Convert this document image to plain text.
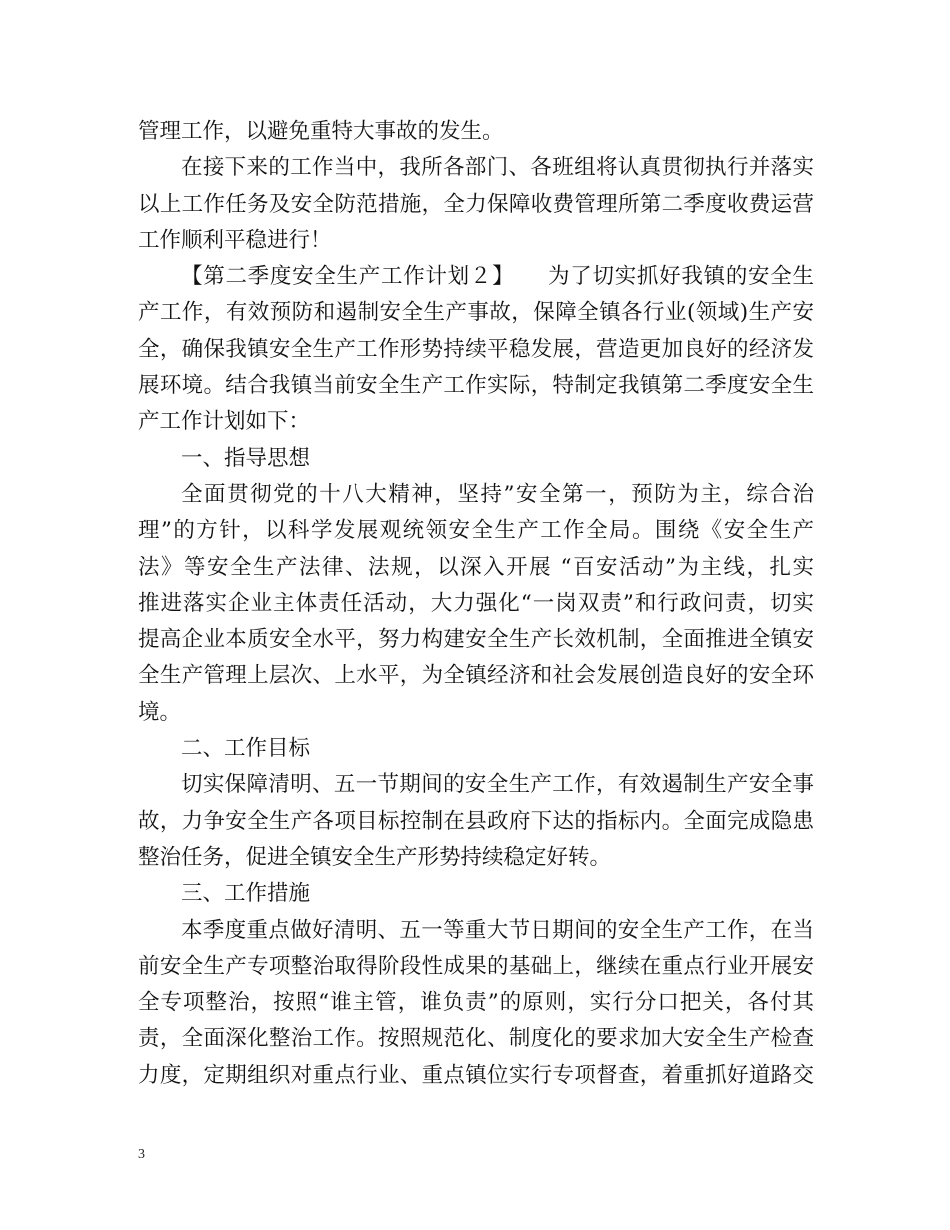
管理工作，以避免重特大事故的发生。
在接下来的工作当中，我所各部门、各班组将认真贯彻执行并落实
以上工作任务及安全防范措施，全力保障收费管理所第二季度收费运营
工作顺利平稳进行！
【第二季度安全生产工作计划２】　　为了切实抓好我镇的安全生
产工作，有效预防和遏制安全生产事故，保障全镇各行业(领域)生产安
全，确保我镇安全生产工作形势持续平稳发展，营造更加良好的经济发
展环境。结合我镇当前安全生产工作实际，特制定我镇第二季度安全生
产工作计划如下：
一、指导思想
全面贯彻党的十八大精神，坚持”安全第一，预防为主，综合治
理”的方针，以科学发展观统领安全生产工作全局。围绕《安全生产
法》等安全生产法律、法规，以深入开展 “百安活动”为主线，扎实
推进落实企业主体责任活动，大力强化“一岗双责”和行政问责，切实
提高企业本质安全水平，努力构建安全生产长效机制，全面推进全镇安
全生产管理上层次、上水平，为全镇经济和社会发展创造良好的安全环
境。
二、工作目标
切实保障清明、五一节期间的安全生产工作，有效遏制生产安全事
故，力争安全生产各项目标控制在县政府下达的指标内。全面完成隐患
整治任务，促进全镇安全生产形势持续稳定好转。
三、工作措施
本季度重点做好清明、五一等重大节日期间的安全生产工作，在当
前安全生产专项整治取得阶段性成果的基础上，继续在重点行业开展安
全专项整治，按照“谁主管，谁负责”的原则，实行分口把关，各付其
责，全面深化整治工作。按照规范化、制度化的要求加大安全生产检查
力度，定期组织对重点行业、重点镇位实行专项督查，着重抓好道路交
3
